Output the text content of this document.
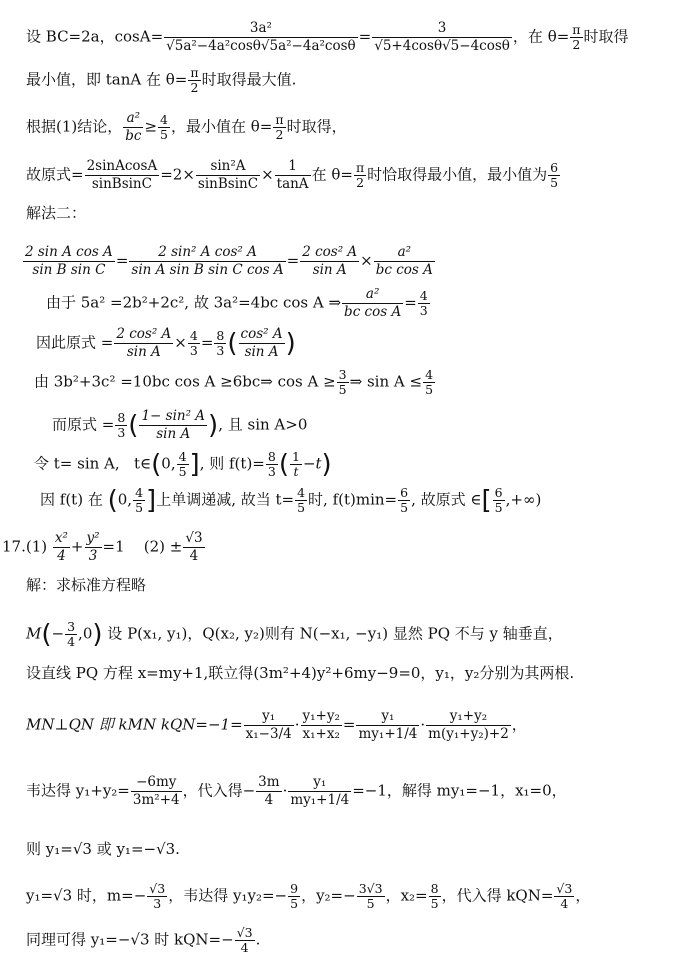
设 BC=2a，$\cos A= \frac{\text{3a²}}{\text{√5a²−4a²cosθ√5a²−4a²cosθ}} = \frac{3}{√5+4\cos\theta√5-4\cos\theta}$ ，在 $\theta= \frac{\pi}{2}$ 时取得
最小值，即 tanA 在 $\theta= \frac{\pi}{2}$ 时取得最大值.
根据(1)结论， $\frac{\text{a²}}{bc} \ge \frac{4}{5}$ ，最小值在 $\theta= \frac{\pi}{2}$ 时取得，
故原式= $\frac{\text{2sinAcosA}}{\text{sinBsinC}} =2\times \frac{\text{sin²A}}{\text{sinBsinC}} \times \frac{1}{\tan A}$ 在 $\theta= \frac{\pi}{2}$ 时恰取得最小值，最小值为 $\frac{6}{5}$
解法二：
$\frac{\text{2 sin A cos A}}{\text{sin B sin C}} = \frac{\text{2 sin² A cos² A}}{\text{sin A sin B sin C cos A}} = \frac{\text{2 cos² A}}{\text{sin A}} \times \frac{\text{a²}}{\text{bc cos A}}$
由于 5a² =2b²+2c², 故 3a²=4bc cos A ⇒ $\frac{\text{a²}}{\text{bc cos A}} = \frac{4}{3}$
因此原式 = $\frac{\text{2 cos² A}}{\text{sin A}} \times \frac{4}{3} = \frac{8}{3}$ ( $\frac{\text{cos² A}}{\text{sin A}}$ )
由 3b²+3c² =10bc cos A ≥6bc⇒ $\cos A \ge \frac{3}{5}$ ⇒ $\sin A \le \frac{4}{5}$
而原式 = $\frac{8}{3}$ ( $\frac{\text{1− sin² A}}{\text{sin A}}$ ), 且 sin A>0
令 t= sin A, t∈(0, $\frac{4}{5}$ ], 则 $f(t)= \frac{8}{3}$ ( $\frac{1}{t} -t$)
因 f(t) 在 (0, $\frac{4}{5}$ ]上单调递减, 故当 $t= \frac{4}{5}$ 时, $f(t)\min= \frac{6}{5}$ , 故原式 ∈[ $\frac{6}{5}$ ,+∞)
$17.(1) \frac{\text{x²}}{4} + \frac{\text{y²}}{3} =1$ $(2) \pm \frac{√3}{4}$
解：求标准方程略
$M(- \frac{3}{4} ,0)$ 设 P(x₁, y₁)，Q(x₂, y₂)则有 N(−x₁, −y₁) 显然 PQ 不与 y 轴垂直，
设直线 PQ 方程 x=my+1,联立得(3m²+4)y²+6my−9=0，y₁，y₂分别为其两根.
MN⊥QN 即 kMN $kQN=-1= \frac{\text{y₁}}{\text{x₁−3/4}} \cdot \frac{\text{y₁+y₂}}{\text{x₁+x₂}} = \frac{\text{y₁}}{\text{my₁+1/4}} \cdot \frac{\text{y₁+y₂}}{\text{m(y₁+y₂)+2}}$ ，
韦达得 $y_1+y_2= \frac{-6my}{\text{3m²+4}}$ ，代入得− $\frac{3m}{4} \cdot \frac{\text{y₁}}{\text{my₁+1/4}} =-1$，解得 my₁=−1，x₁=0，
则 y₁=√3 或 y₁=−√3.
y₁=√3 时，$m=- \frac{√3}{3}$ ，韦达得 $y_1y_2=- \frac{9}{5}$ ，$y_2=- \frac{3√3}{5}$ ，$x_2= \frac{8}{5}$ ，代入得 $kQN= \frac{√3}{4}$ ，
同理可得 y₁=−√3 时 $kQN=- \frac{√3}{4}$ .
